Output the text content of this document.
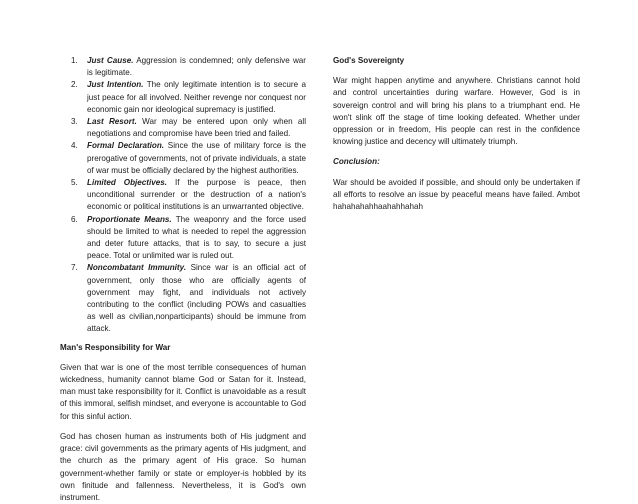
1. Just Cause. Aggression is condemned; only defensive war is legitimate.
2. Just Intention. The only legitimate intention is to secure a just peace for all involved. Neither revenge nor conquest nor economic gain nor ideological supremacy is justified.
3. Last Resort. War may be entered upon only when all negotiations and compromise have been tried and failed.
4. Formal Declaration. Since the use of military force is the prerogative of governments, not of private individuals, a state of war must be officially declared by the highest authorities.
5. Limited Objectives. If the purpose is peace, then unconditional surrender or the destruction of a nation's economic or political institutions is an unwarranted objective.
6. Proportionate Means. The weaponry and the force used should be limited to what is needed to repel the aggression and deter future attacks, that is to say, to secure a just peace. Total or unlimited war is ruled out.
7. Noncombatant Immunity. Since war is an official act of government, only those who are officially agents of government may fight, and individuals not actively contributing to the conflict (including POWs and casualties as well as civilian,nonparticipants) should be immune from attack.
Man's Responsibility for War

Given that war is one of the most terrible consequences of human wickedness, humanity cannot blame God or Satan for it. Instead, man must take responsibility for it. Conflict is unavoidable as a result of this immoral, selfish mindset, and everyone is accountable to God for this sinful action.

God has chosen human as instruments both of His judgment and grace: civil governments as the primary agents of His judgment, and the church as the primary agent of His grace. So human government-whether family or state or employer-is hobbled by its own finitude and fallenness. Nevertheless, it is God's own instrument.

God's Sovereignty

War might happen anytime and anywhere. Christians cannot hold and control uncertainties during warfare. However, God is in sovereign control and will bring his plans to a triumphant end. He won't slink off the stage of time looking defeated. Whether under oppression or in freedom, His people can rest in the confidence knowing justice and decency will ultimately triumph.

Conclusion:

War should be avoided if possible, and should only be undertaken if all efforts to resolve an issue by peaceful means have failed. Ambot hahahahahhaahahhahah
